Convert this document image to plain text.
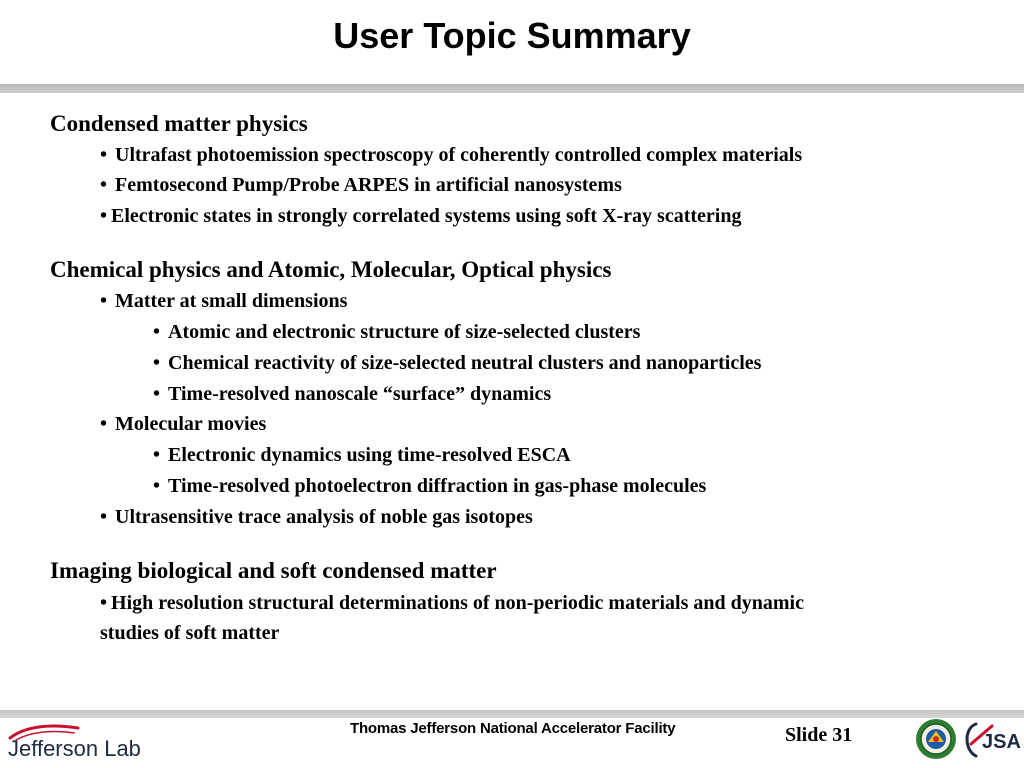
User Topic Summary
Condensed matter physics
• Ultrafast photoemission spectroscopy of coherently controlled complex materials
• Femtosecond Pump/Probe ARPES in artificial nanosystems
• Electronic states in strongly correlated systems using soft X-ray scattering
Chemical physics and Atomic, Molecular, Optical physics
• Matter at small dimensions
• Atomic and electronic structure of size-selected clusters
• Chemical reactivity of size-selected neutral clusters and nanoparticles
• Time-resolved nanoscale “surface” dynamics
• Molecular movies
• Electronic dynamics using time-resolved ESCA
• Time-resolved photoelectron diffraction in gas-phase molecules
• Ultrasensitive trace analysis of noble gas isotopes
Imaging biological and soft condensed matter
• High resolution structural determinations of non-periodic materials and dynamic
studies of soft matter
Jefferson Lab
Thomas Jefferson National Accelerator Facility	Slide 31	JSA
